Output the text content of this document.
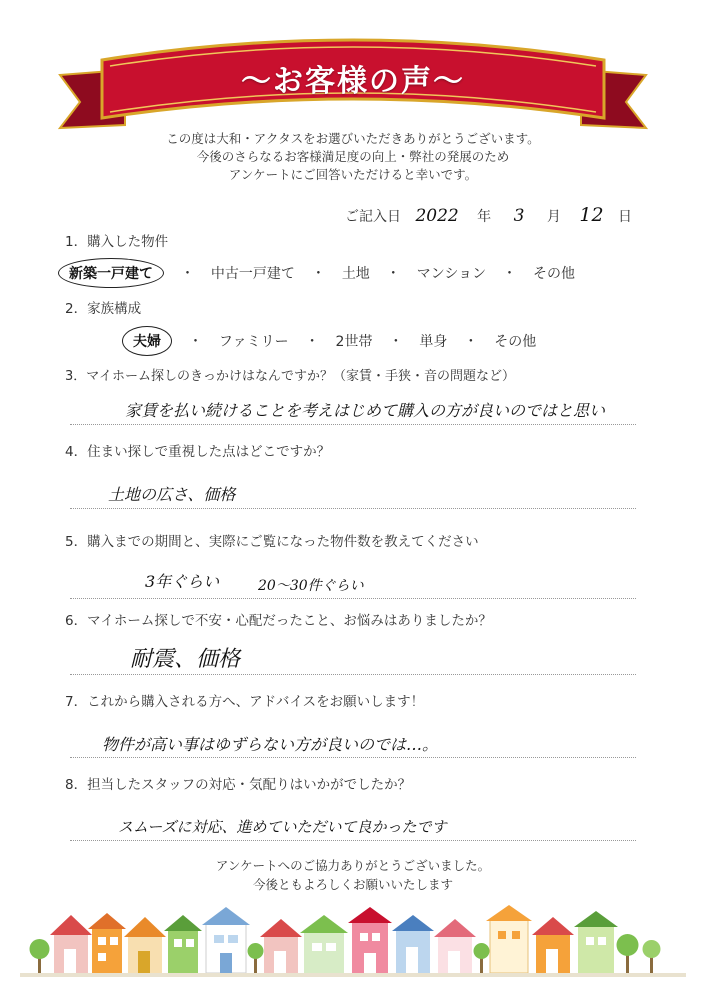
〜お客様の声〜
この度は大和・アクタスをお選びいただきありがとうございます。
今後のさらなるお客様満足度の向上・弊社の発展のため
アンケートにご回答いただけると幸いです。
ご記入日 2022 年 3 月 12 日
1．購入した物件
新築一戸建て ・ 中古一戸建て ・ 土地 ・ マンション ・ その他
2．家族構成
夫婦 ・ ファミリー ・ 2世帯 ・ 単身 ・ その他
3．マイホーム探しのきっかけはなんですか？（家賃・手狭・音の問題など）
家賃を払い続けることを考えはじめて購入の方が良いのではと思い
4．住まい探しで重視した点はどこですか？
土地の広さ、価格
5．購入までの期間と、実際にご覧になった物件数を教えてください
3年ぐらい	20〜30件ぐらい
6．マイホーム探しで不安・心配だったこと、お悩みはありましたか？
耐震、価格
7．これから購入される方へ、アドバイスをお願いします！
物件が高い事はゆずらない方が良いのでは…。
8．担当したスタッフの対応・気配りはいかがでしたか？
スムーズに対応、進めていただいて良かったです
アンケートへのご協力ありがとうございました。
今後ともよろしくお願いいたします
